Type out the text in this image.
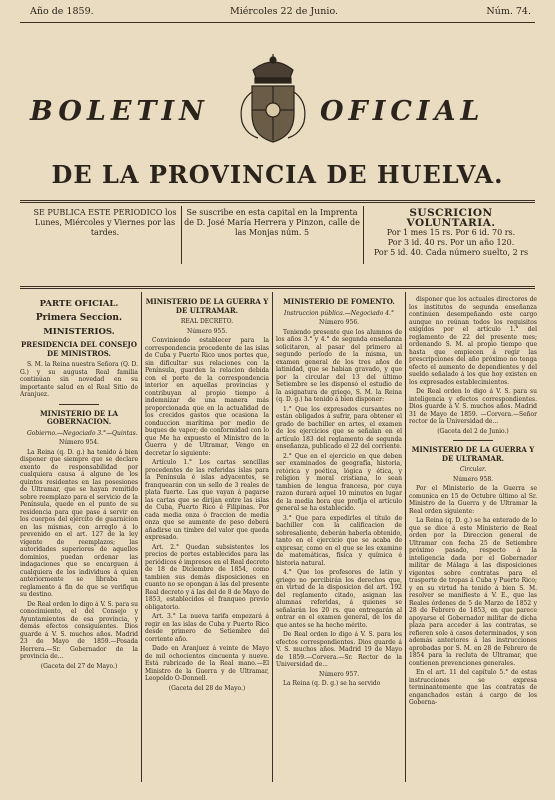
Año de 1859.	Miércoles 22 de Junio.	Núm. 74.
BOLETIN	OFICIAL
DE LA PROVINCIA DE HUELVA.
SE PUBLICA ESTE PERIODICO los Lunes, Miércoles y Viernes por las tardes.
Se suscribe en esta capital en la Imprenta de D. José María Herrera y Pinzon, calle de las Monjas núm. 5
SUSCRICION VOLUNTARIA.
Por 1 mes 15 rs. Por 6 id. 70 rs.
Por 3 id. 40 rs. Por un año 120.
Por 5 id. 40. Cada número suelto, 2 rs
PARTE OFICIAL.
Primera Seccion.
MINISTERIOS.
PRESIDENCIA DEL CONSEJO DE MINISTROS.

S. M. la Reina nuestra Señora (Q. D. G.) y su augusta Real familia continúan sin novedad en su importante salud en el Real Sitio de Aranjuez.

MINISTERIO DE LA GOBERNACION.

Gobierno.—Negociado 3.°—Quintas.

Número 954.

La Reina (q. D. g.) ha tenido á bien disponer que siempre que se declare exento de responsabilidad por cualquiera causa á alguno de los quintos residentes en las posesiones de Ultramar, que se hayan remitido sobre reemplazo para el servicio de la Península, quede en el punto de su residencia para que pase á servir en los cuerpos del ejército de guarnicion en las mismas, con arreglo á lo prevenido en el art. 127 de la ley vigente de reemplazos; las autoridades superiores de aquellos dominios, puedan ordenar las indagaciones que se encarguen á cualquiera de los individuos á quien anteriormente se libraba un reglamento á fin de que se verifique su destino.

De Real orden lo digo á V. S. para su conocimiento, el del Consejo y Ayuntamientos de esa provincia, y demás efectos consiguientes. Dios guarde á V. S. muchos años. Madrid 23 de Mayo de 1859.—Posada Herrera.—Sr. Gobernador de la provincia de...

(Gaceta del 27 de Mayo.)

MINISTERIO DE LA GUERRA Y DE ULTRAMAR.

REAL DECRETO.

Número 955.

Conviniendo establecer para la correspondencia procedente de las islas de Cuba y Puerto Rico unos portes que, sin dificultar sus relaciones con la Península, guarden la relacion debida con el porte de la correspondencia interior en aquellas provincias y contribuyan al propio tiempo á indemnizar de una manera más proporcionada que en la actualidad de los crecidos gastos que ocasiona la conduccion marítima por medio de buques de vapor; de conformidad con lo que Me ha expuesto el Ministro de la Guerra y de Ultramar, Vengo en decretar lo siguiente:

Artículo 1.° Los cartas sencillas procedentes de las referidas islas para la Península é islas adyacentes, se franquearán con un sello de 3 reales de plata fuerte. Las que vayan á pagarse las cartas que se dirijan entre las islas de Cuba, Puerto Rico é Filipinas. Por cada media onza ó fraccion de media onza que se aumente de peso deberá añadirse un timbre del valor que queda expresado.

Art. 2.° Quedan subsistentes los precios de portes establecidos para las periódicos é impresos en el Real decreto de 18 de Diciembre de 1854, como tambien sus demás disposiciones en cuanto no se opongan á las del presente Real decreto y á las del de 8 de Mayo de 1853, establecidos el franqueo previo obligatorio.

Art. 3.° La nueva tarifa empezará á regir en las islas de Cuba y Puerto Rico desde primero de Setiembre del corriente año.

Dado en Aranjuez á veinte de Mayo de mil ochocientos cincuenta y nueve. Está rubricado de la Real mano.—El Ministro de la Guerra y de Ultramar, Leopoldo O-Donnell.

(Gaceta del 28 de Mayo.)

MINISTERIO DE FOMENTO.

Instruccion pública.—Negociado 4.°

Número 956.

Teniendo presente que los alumnos de los años 3.° y 4.° de segunda enseñanza solicitaron, al pasar del primero al segundo período de la misma, un examen general de los tres años de latinidad, que se habian gravado, y que por la circular del 13 del último Setiembre se les dispensó el estudio de la asignatura de griego, S. M. la Reina (q. D. g.) ha tenido á bien disponer:

1.° Que los expresados cursantes no están obligados á sufrir, para obtener el grado de bachiller en artes, el examen de los ejercicios que se señalan en el artículo 183 del reglamento de segunda enseñanza, publicado el 22 del corriente.

2.° Que en el ejercicio en que deben ser examinados de geografía, historia, retórica y poética, lógica y ética, y religion y moral cristiana, lo sean tambien de lengua francesa, por cuya razon durará aquel 10 minutos en lugar de la media hora que prefija el artículo general se ha establecido.

3.° Que para expedirles el título de bachiller con la calificacion de sobresaliente, deberán haberla obtenido, tanto en el ejercicio que se acaba de expresar, como en el que se les examine de matemáticas, física y química é historia natural.

4.° Que los profesores de latin y griego no percibirán los derechos que, en virtud de la disposicion del art. 192 del reglamento citado, asignan las alumnas referidas, á quienes se señalarán los 20 rs. que entregarán al entrar en el examen general, de los de que antes se ha hecho mérito.

De Real orden lo digo á V. S. para los efectos correspondientes. Dios guarde á V. S. muchos años. Madrid 19 de Mayo de 1859.—Corvera.—Sr. Rector de la Universidad de...

Número 957.

La Reina (q. D. g.) se ha servido

disponer que los actuales directores de los institutos de segunda enseñanza continúen desempeñando este cargo aunque no reúnan todos los requisitos exigidos por el artículo 1.° del reglamento de 22 del presente mes; ordenando S. M. al propio tiempo que hasta que empiecen á regir las prescripciones del año próximo no tenga efecto el aumento de dependientes y del sueldo señalado á los que hoy existen en los expresados establecimientos.

De Real orden lo digo á V. S. para su inteligencia y efectos correspondientes. Dios guarde á V. S. muchos años. Madrid 31 de Mayo de 1859. —Corvera.—Señor rector de la Universidad de...

(Gaceta del 2 de Junio.)

MINISTERIO DE LA GUERRA Y DE ULTRAMAR.

Circular.

Número 958.

Por el Ministerio de la Guerra se comunica en 15 de Octubre último al Sr. Ministro de la Guerra y de Ultramar la Real orden siguiente:

La Reina (q. D. g.) se ha enterado de lo que se dice á este Ministerio de Real orden por la Direccion general de Ultramar con fecha 25 de Setiembre próximo pasado, respecto á la inteligencia dada por el Gobernador militar de Málaga á las disposiciones vigentes sobre contratas para el trasporte de tropas á Cuba y Puerto Rico; y en su virtud ha tenido á bien S. M. resolver se manifieste á V. E., que las Reales órdenes de 5 de Marzo de 1852 y 28 de Febrero de 1853, en que parece apoyarse el Gobernador militar de dicha plaza para acceder á las contratas, se refieren solo á casos determinados, y son además anteriores á las instrucciones aprobadas por S. M. en 28 de Febrero de 1854 para la recluta de Ultramar, que contienen prevenciones generales.

En el art. 11 del capítulo 5.° de estas instrucciones se expresa terminantemente que las contratas de enganchados están á cargo de los Goberna-
